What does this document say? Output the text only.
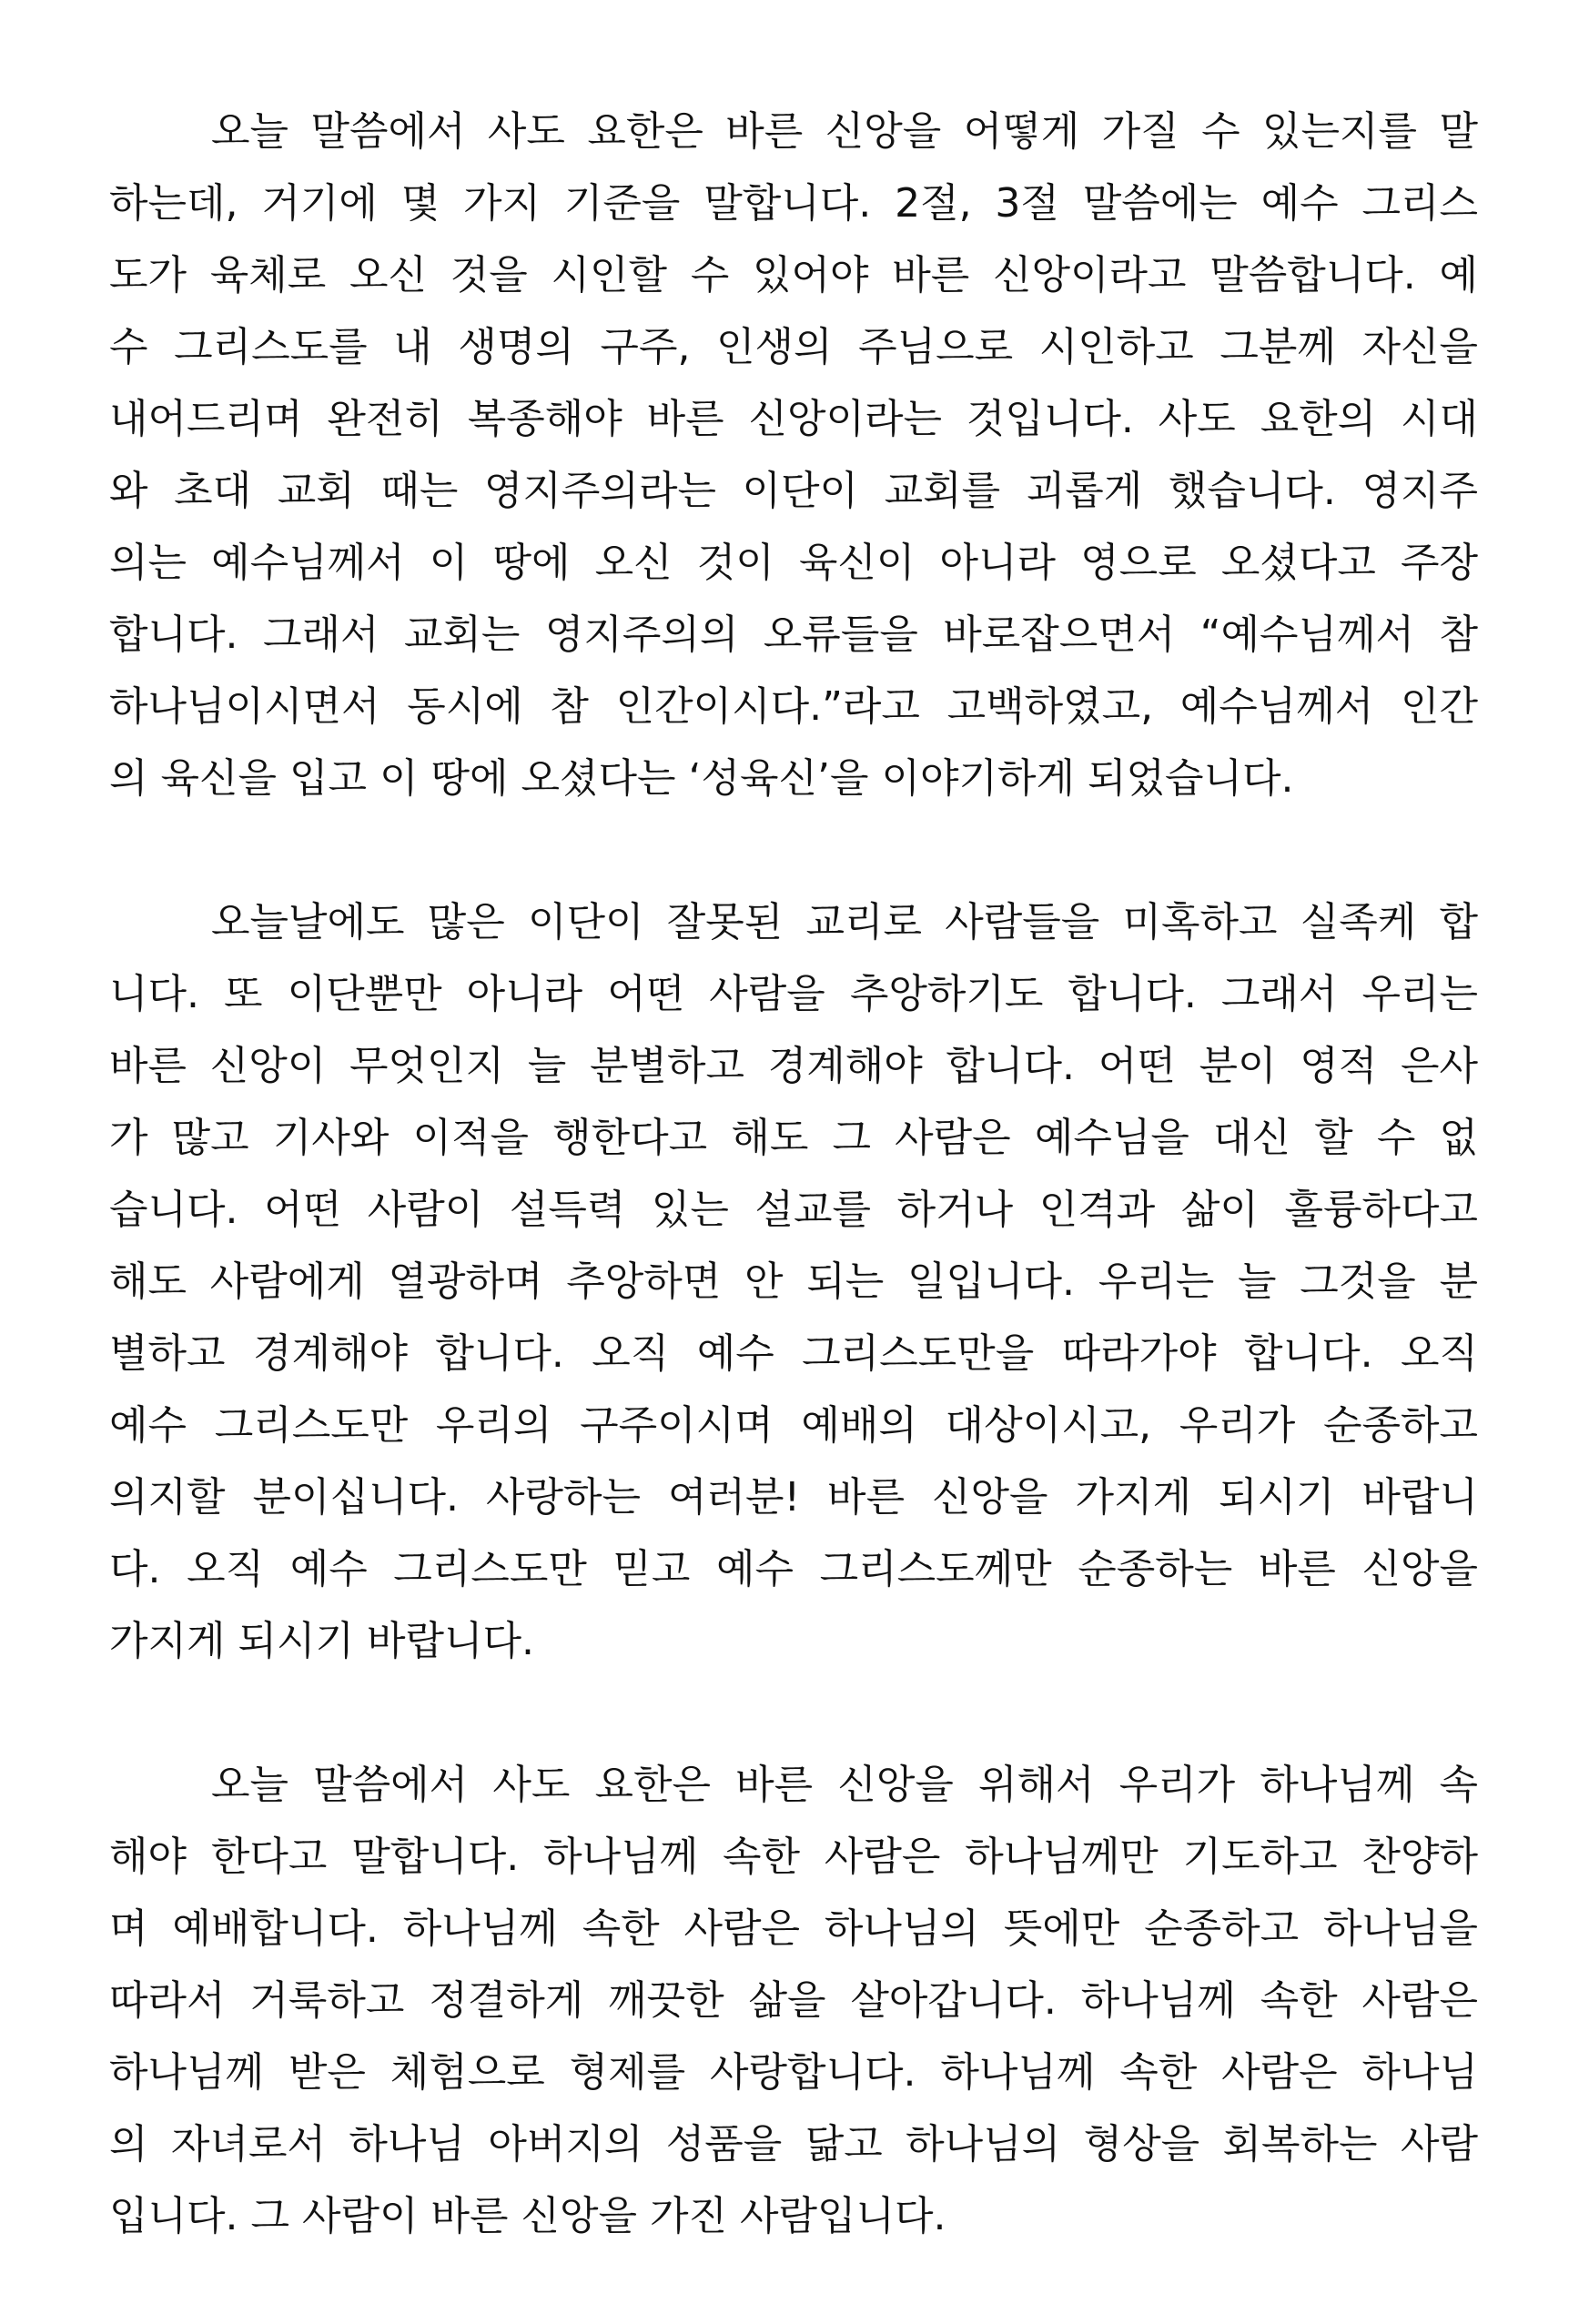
오늘 말씀에서 사도 요한은 바른 신앙을 어떻게 가질 수 있는지를 말
하는데, 거기에 몇 가지 기준을 말합니다. 2절, 3절 말씀에는 예수 그리스
도가 육체로 오신 것을 시인할 수 있어야 바른 신앙이라고 말씀합니다. 예
수 그리스도를 내 생명의 구주, 인생의 주님으로 시인하고 그분께 자신을
내어드리며 완전히 복종해야 바른 신앙이라는 것입니다. 사도 요한의 시대
와 초대 교회 때는 영지주의라는 이단이 교회를 괴롭게 했습니다. 영지주
의는 예수님께서 이 땅에 오신 것이 육신이 아니라 영으로 오셨다고 주장
합니다. 그래서 교회는 영지주의의 오류들을 바로잡으면서 “예수님께서 참
하나님이시면서 동시에 참 인간이시다.”라고 고백하였고, 예수님께서 인간
의 육신을 입고 이 땅에 오셨다는 ‘성육신’을 이야기하게 되었습니다.
오늘날에도 많은 이단이 잘못된 교리로 사람들을 미혹하고 실족케 합
니다. 또 이단뿐만 아니라 어떤 사람을 추앙하기도 합니다. 그래서 우리는
바른 신앙이 무엇인지 늘 분별하고 경계해야 합니다. 어떤 분이 영적 은사
가 많고 기사와 이적을 행한다고 해도 그 사람은 예수님을 대신 할 수 없
습니다. 어떤 사람이 설득력 있는 설교를 하거나 인격과 삶이 훌륭하다고
해도 사람에게 열광하며 추앙하면 안 되는 일입니다. 우리는 늘 그것을 분
별하고 경계해야 합니다. 오직 예수 그리스도만을 따라가야 합니다. 오직
예수 그리스도만 우리의 구주이시며 예배의 대상이시고, 우리가 순종하고
의지할 분이십니다. 사랑하는 여러분! 바른 신앙을 가지게 되시기 바랍니
다. 오직 예수 그리스도만 믿고 예수 그리스도께만 순종하는 바른 신앙을
가지게 되시기 바랍니다.
오늘 말씀에서 사도 요한은 바른 신앙을 위해서 우리가 하나님께 속
해야 한다고 말합니다. 하나님께 속한 사람은 하나님께만 기도하고 찬양하
며 예배합니다. 하나님께 속한 사람은 하나님의 뜻에만 순종하고 하나님을
따라서 거룩하고 정결하게 깨끗한 삶을 살아갑니다. 하나님께 속한 사람은
하나님께 받은 체험으로 형제를 사랑합니다. 하나님께 속한 사람은 하나님
의 자녀로서 하나님 아버지의 성품을 닮고 하나님의 형상을 회복하는 사람
입니다. 그 사람이 바른 신앙을 가진 사람입니다.
